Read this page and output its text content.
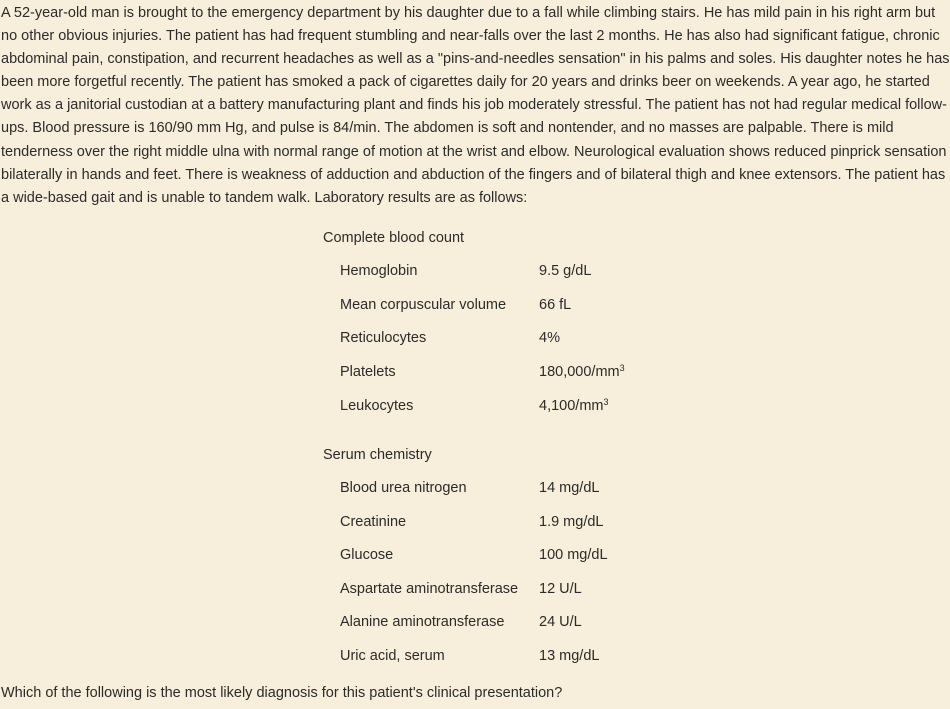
A 52-year-old man is brought to the emergency department by his daughter due to a fall while climbing stairs. He has mild pain in his right arm but no other obvious injuries. The patient has had frequent stumbling and near-falls over the last 2 months. He has also had significant fatigue, chronic abdominal pain, constipation, and recurrent headaches as well as a "pins-and-needles sensation" in his palms and soles. His daughter notes he has been more forgetful recently. The patient has smoked a pack of cigarettes daily for 20 years and drinks beer on weekends. A year ago, he started work as a janitorial custodian at a battery manufacturing plant and finds his job moderately stressful. The patient has not had regular medical follow-ups. Blood pressure is 160/90 mm Hg, and pulse is 84/min. The abdomen is soft and nontender, and no masses are palpable. There is mild tenderness over the right middle ulna with normal range of motion at the wrist and elbow. Neurological evaluation shows reduced pinprick sensation bilaterally in hands and feet. There is weakness of adduction and abduction of the fingers and of bilateral thigh and knee extensors. The patient has a wide-based gait and is unable to tandem walk. Laboratory results are as follows:

Complete blood count
Hemoglobin	9.5 g/dL
Mean corpuscular volume 66 fL
Reticulocytes	4%
Platelets	$180,000/mm^3$
Leukocytes	$4,100/mm^3$
Serum chemistry
Blood urea nitrogen	14 mg/dL
Creatinine	1.9 mg/dL
Glucose	100 mg/dL
Aspartate aminotransferase 12 U/L
Alanine aminotransferase 24 U/L
Uric acid, serum	13 mg/dL

Which of the following is the most likely diagnosis for this patient's clinical presentation?
